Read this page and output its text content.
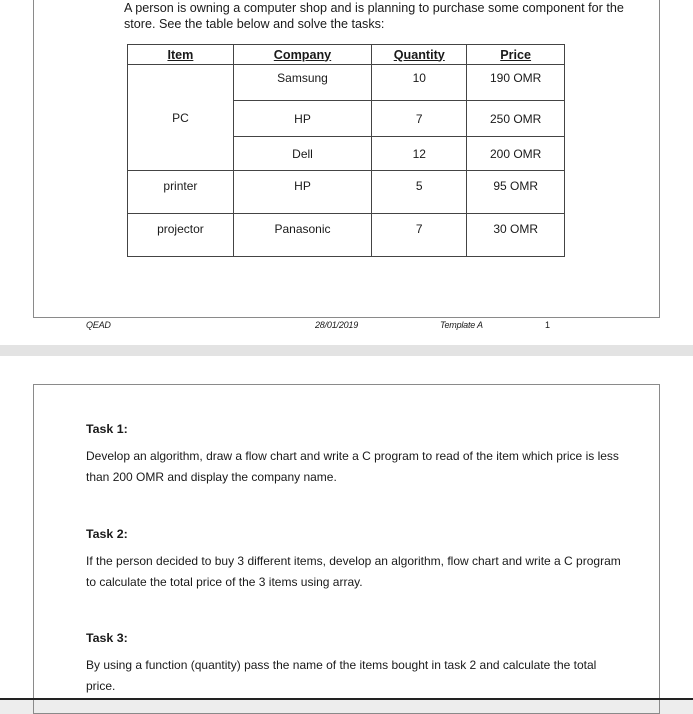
A person is owning a computer shop and is planning to purchase some component for the store. See the table below and solve the tasks:

Item	Company	Quantity	Price
PC	Samsung	10	190 OMR
	HP	7	250 OMR
	Dell	12	200 OMR
printer	HP	5	95 OMR
projector	Panasonic	7	30 OMR
QEAD	28/01/2019	Template A	1

Task 1:

Develop an algorithm, draw a flow chart and write a C program to read of the item which price is less than 200 OMR and display the company name.

Task 2:

If the person decided to buy 3 different items, develop an algorithm, flow chart and write a C program to calculate the total price of the 3 items using array.

Task 3:

By using a function (quantity) pass the name of the items bought in task 2 and calculate the total price.
